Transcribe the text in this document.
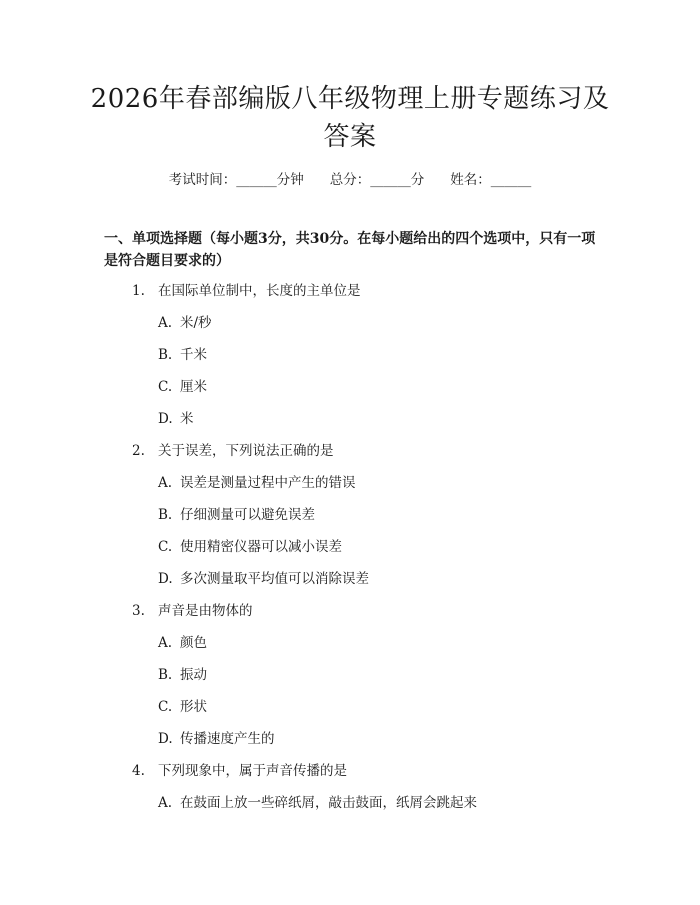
2026年春部编版八年级物理上册专题练习及
答案
考试时间：______分钟 总分：______分 姓名：______
一、单项选择题（每小题3分，共30分。在每小题给出的四个选项中，只有一项
是符合题目要求的）
1. 在国际单位制中，长度的主单位是
A. 米/秒
B. 千米
C. 厘米
D. 米
2. 关于误差，下列说法正确的是
A. 误差是测量过程中产生的错误
B. 仔细测量可以避免误差
C. 使用精密仪器可以减小误差
D. 多次测量取平均值可以消除误差
3. 声音是由物体的
A. 颜色
B. 振动
C. 形状
D. 传播速度产生的
4. 下列现象中，属于声音传播的是
A. 在鼓面上放一些碎纸屑，敲击鼓面，纸屑会跳起来
